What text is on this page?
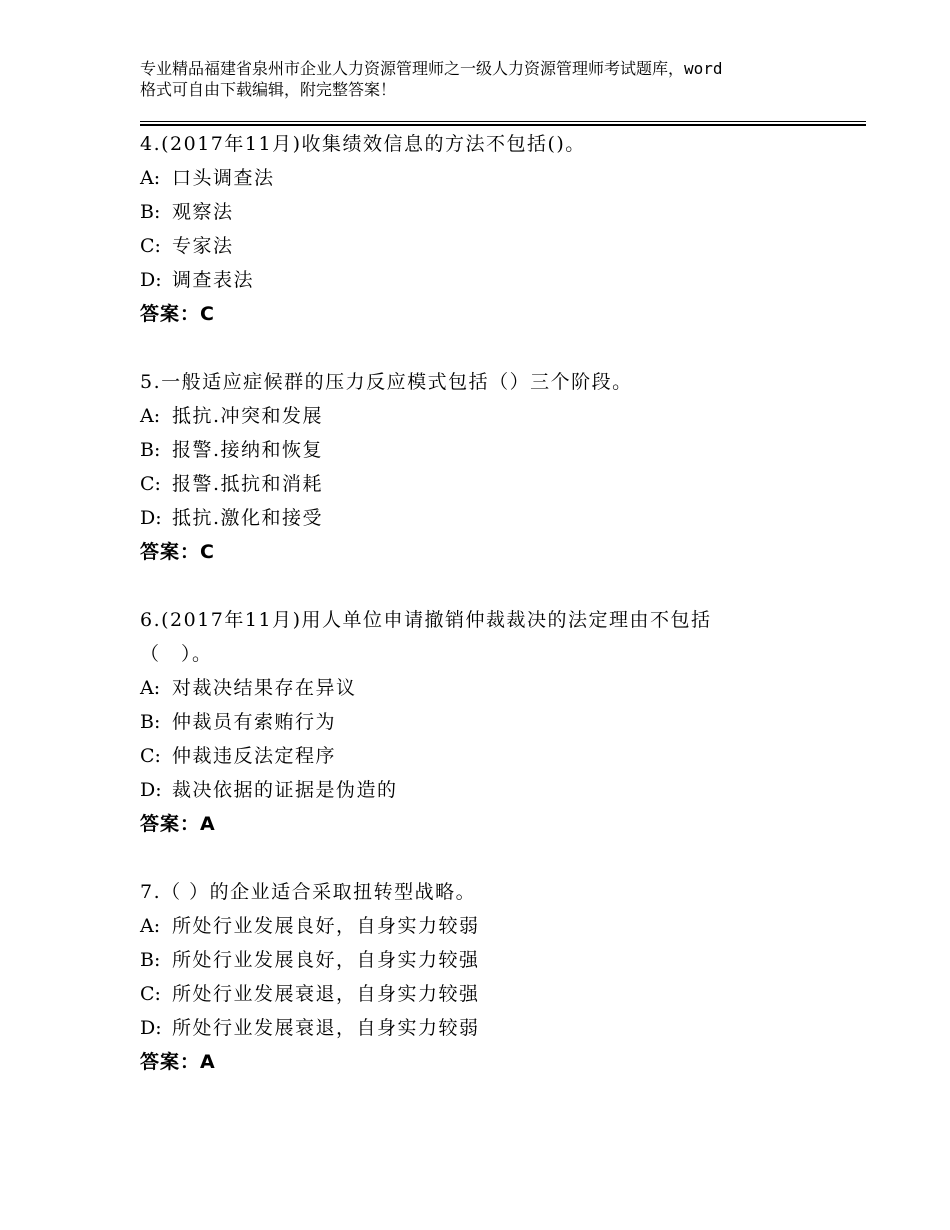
专业精品福建省泉州市企业人力资源管理师之一级人力资源管理师考试题库，word
格式可自由下载编辑，附完整答案！
4.(2017年11月)收集绩效信息的方法不包括()。
A: 口头调查法
B: 观察法
C: 专家法
D: 调查表法
答案：C
5.一般适应症候群的压力反应模式包括（）三个阶段。
A: 抵抗.冲突和发展
B: 报警.接纳和恢复
C: 报警.抵抗和消耗
D: 抵抗.激化和接受
答案：C
6.(2017年11月)用人单位申请撤销仲裁裁决的法定理由不包括
（　）。
A: 对裁决结果存在异议
B: 仲裁员有索贿行为
C: 仲裁违反法定程序
D: 裁决依据的证据是伪造的
答案：A
7.（ ）的企业适合采取扭转型战略。
A: 所处行业发展良好，自身实力较弱
B: 所处行业发展良好，自身实力较强
C: 所处行业发展衰退，自身实力较强
D: 所处行业发展衰退，自身实力较弱
答案：A
